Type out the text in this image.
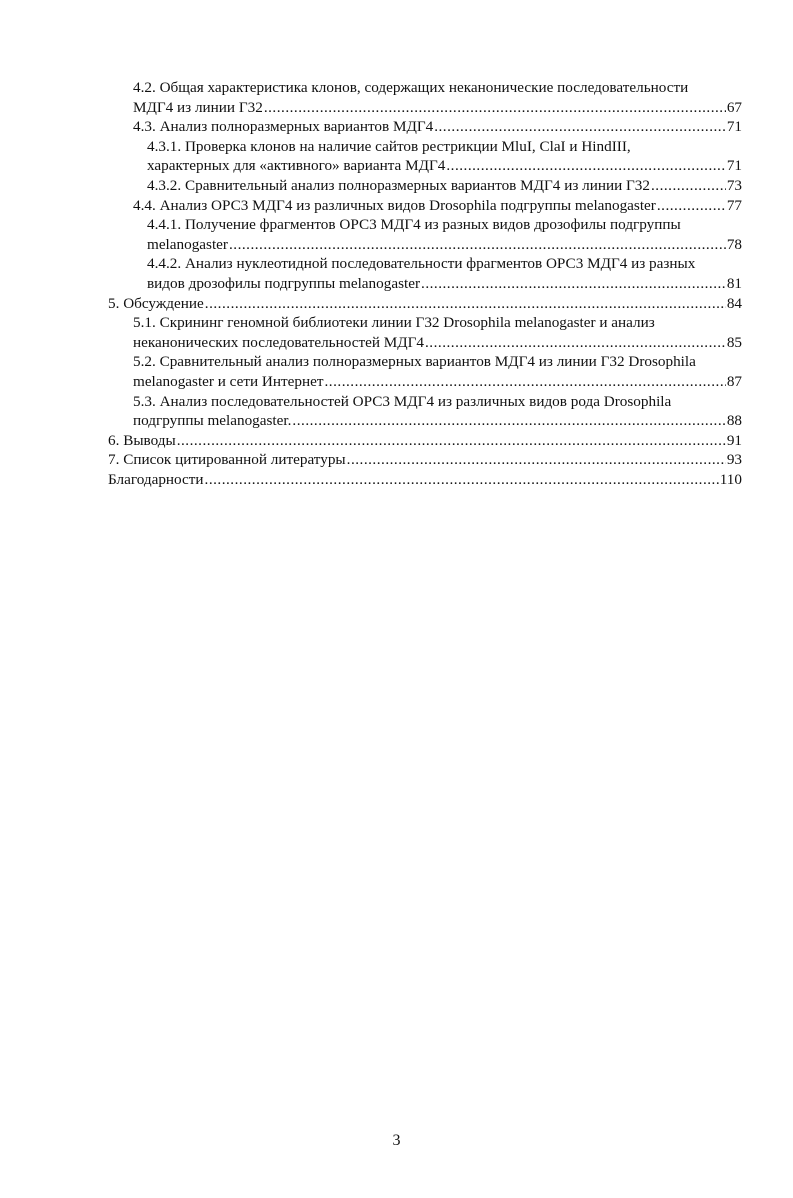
4.2. Общая характеристика клонов, содержащих неканонические последовательности
МДГ4 из линии Г32 .....	67
4.3. Анализ полноразмерных вариантов МДГ4 .....	71
4.3.1. Проверка клонов на наличие сайтов рестрикции MluI, ClaI и HindIII,
характерных для «активного» варианта МДГ4 .....	71
4.3.2. Сравнительный анализ полноразмерных вариантов МДГ4 из линии Г32 .....	73
4.4. Анализ ОРС3 МДГ4 из различных видов Drosophila подгруппы melanogaster .....	77
4.4.1. Получение фрагментов ОРС3 МДГ4 из разных видов дрозофилы подгруппы
melanogaster .....	78
4.4.2. Анализ нуклеотидной последовательности фрагментов ОРС3 МДГ4 из разных
видов дрозофилы подгруппы melanogaster .....	81
5. Обсуждение .....	84
5.1. Скрининг геномной библиотеки линии Г32 Drosophila melanogaster и анализ
неканонических последовательностей МДГ4 .....	85
5.2. Сравнительный анализ полноразмерных вариантов МДГ4 из линии Г32 Drosophila
melanogaster и сети Интернет .....	87
5.3. Анализ последовательностей ОРС3 МДГ4 из различных видов рода Drosophila
подгруппы melanogaster. .....	88
6. Выводы .....	91
7. Список цитированной литературы .....	93
Благодарности .....	110
3
